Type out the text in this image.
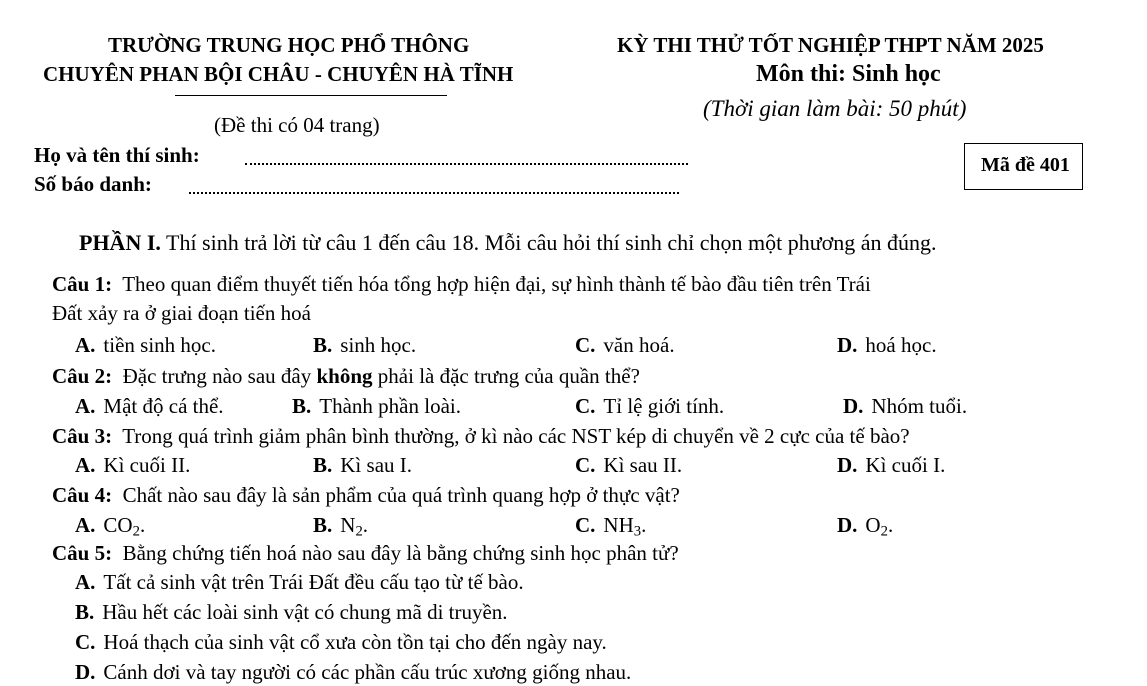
TRƯỜNG TRUNG HỌC PHỔ THÔNG
CHUYÊN PHAN BỘI CHÂU - CHUYÊN HÀ TĨNH
(Đề thi có 04 trang)
KỲ THI THỬ TỐT NGHIỆP THPT NĂM 2025
Môn thi: Sinh học
(Thời gian làm bài: 50 phút)
Họ và tên thí sinh:
Số báo danh:
Mã đề 401
PHẦN I. Thí sinh trả lời từ câu 1 đến câu 18. Mỗi câu hỏi thí sinh chỉ chọn một phương án đúng.
Câu 1: Theo quan điểm thuyết tiến hóa tổng hợp hiện đại, sự hình thành tế bào đầu tiên trên Trái
Đất xảy ra ở giai đoạn tiến hoá
A. tiền sinh học.	B. sinh học.	C. văn hoá.	D. hoá học.
Câu 2: Đặc trưng nào sau đây không phải là đặc trưng của quần thể?
A. Mật độ cá thể.	B. Thành phần loài.	C. Tỉ lệ giới tính.	D. Nhóm tuổi.
Câu 3: Trong quá trình giảm phân bình thường, ở kì nào các NST kép di chuyển về 2 cực của tế bào?
A. Kì cuối II.	B. Kì sau I.	C. Kì sau II.	D. Kì cuối I.
Câu 4: Chất nào sau đây là sản phẩm của quá trình quang hợp ở thực vật?
A. $CO_2$.	B. $N_2$.	C. $NH_3$.	D. $O_2$.
Câu 5: Bằng chứng tiến hoá nào sau đây là bằng chứng sinh học phân tử?
A. Tất cả sinh vật trên Trái Đất đều cấu tạo từ tế bào.
B. Hầu hết các loài sinh vật có chung mã di truyền.
C. Hoá thạch của sinh vật cổ xưa còn tồn tại cho đến ngày nay.
D. Cánh dơi và tay người có các phần cấu trúc xương giống nhau.
